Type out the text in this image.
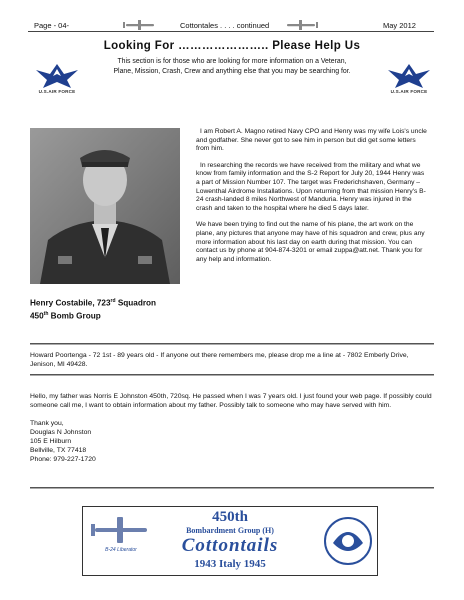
Page - 04-	Cottontales . . . . continued	May 2012
Looking For ………………….. Please Help Us
This section is for those who are looking for more information on a Veteran,
Plane, Mission, Crash, Crew and anything else that you may be searching for.
U.S.AIR FORCE	U.S.AIR FORCE
Henry Costabile, 723rd Squadron
450th Bomb Group
I am Robert A. Magno retired Navy CPO and Henry was my wife Lois's uncle and godfather. She never got to see him in person but did get some letters from him.
In researching the records we have received from the military and what we know from family information and the S-2 Report for July 20, 1944 Henry was a part of Mission Number 107. The target was Frederichshaven, Germany – Lowenthal Airdrome Installations. Upon returning from that mission Henry's B-24 crash-landed 8 miles Northwest of Manduria. Henry was injured in the crash and taken to the hospital where he died 5 days later.
We have been trying to find out the name of his plane, the art work on the plane, any pictures that anyone may have of his squadron and crew, plus any more information about his last day on earth during that mission. You can contact us by phone at 904-874-3201 or email zuppa@att.net. Thank you for any help and information.
Howard Poortenga - 72 1st - 89 years old - If anyone out there remembers me, please drop me a line at - 7802 Emberly Drive, Jenison, MI 49428.
Hello, my father was Norris E Johnston 450th, 720sq. He passed when I was 7 years old. I just found your web page. If possibly could someone call me, I want to obtain information about my father. Possibly talk to someone who may have served with him.
Thank you,
Douglas N Johnston
105 E Hilburn
Bellville, TX 77418
Phone: 979-227-1720
B-24 Liberator
450th
Bombardment Group (H)
Cottontails
1943 Italy 1945
